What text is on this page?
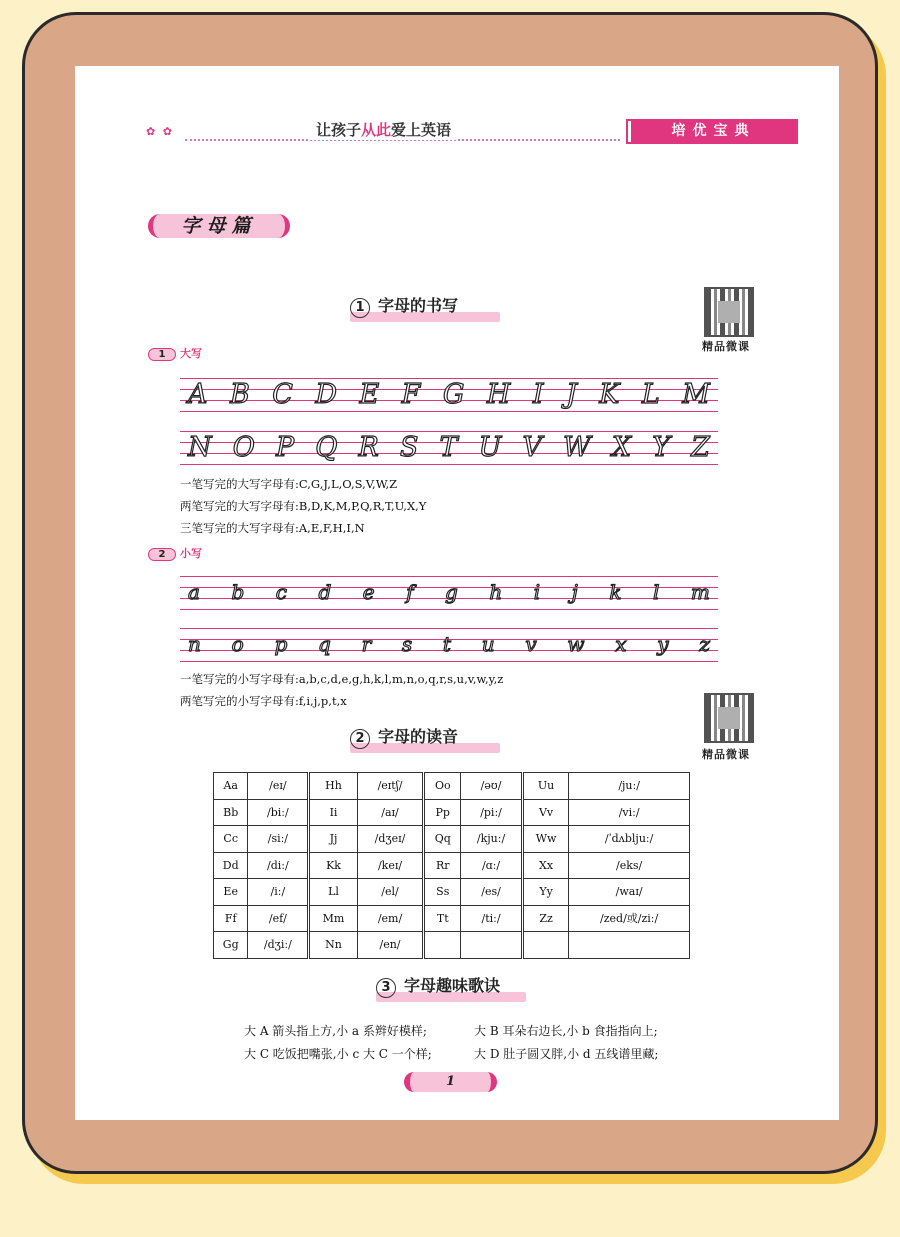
✿ ✿	让孩子从此爱上英语	培优宝典
字母篇
1 字母的书写
精品微课
1 大写
A B C D E F G H I J K L M
N O P Q R S T U V W X Y Z
一笔写完的大写字母有:C,G,J,L,O,S,V,W,Z
两笔写完的大写字母有:B,D,K,M,P,Q,R,T,U,X,Y
三笔写完的大写字母有:A,E,F,H,I,N
2 小写
a b c d e f g h i j k l m
n o p q r s t u v w x y z
一笔写完的小写字母有:a,b,c,d,e,g,h,k,l,m,n,o,q,r,s,u,v,w,y,z
两笔写完的小写字母有:f,i,j,p,t,x
精品微课
2 字母的读音
Aa	/eɪ/	Hh	/eɪtʃ/	Oo	/əʊ/	Uu	/juː/
Bb	/biː/	Ii	/aɪ/	Pp	/piː/	Vv	/viː/
Cc	/siː/	Jj	/dʒeɪ/	Qq	/kjuː/	Ww	/ˈdʌbljuː/
Dd	/diː/	Kk	/keɪ/	Rr	/ɑː/	Xx	/eks/
Ee	/iː/	Ll	/el/	Ss	/es/	Yy	/waɪ/
Ff	/ef/	Mm	/em/	Tt	/tiː/	Zz	/zed/或/ziː/
Gg	/dʒiː/	Nn	/en/				
3 字母趣味歌诀
大 A 箭头指上方,小 a 系辫好模样;	大 B 耳朵右边长,小 b 食指指向上;
大 C 吃饭把嘴张,小 c 大 C 一个样;	大 D 肚子圆又胖,小 d 五线谱里藏;
1
